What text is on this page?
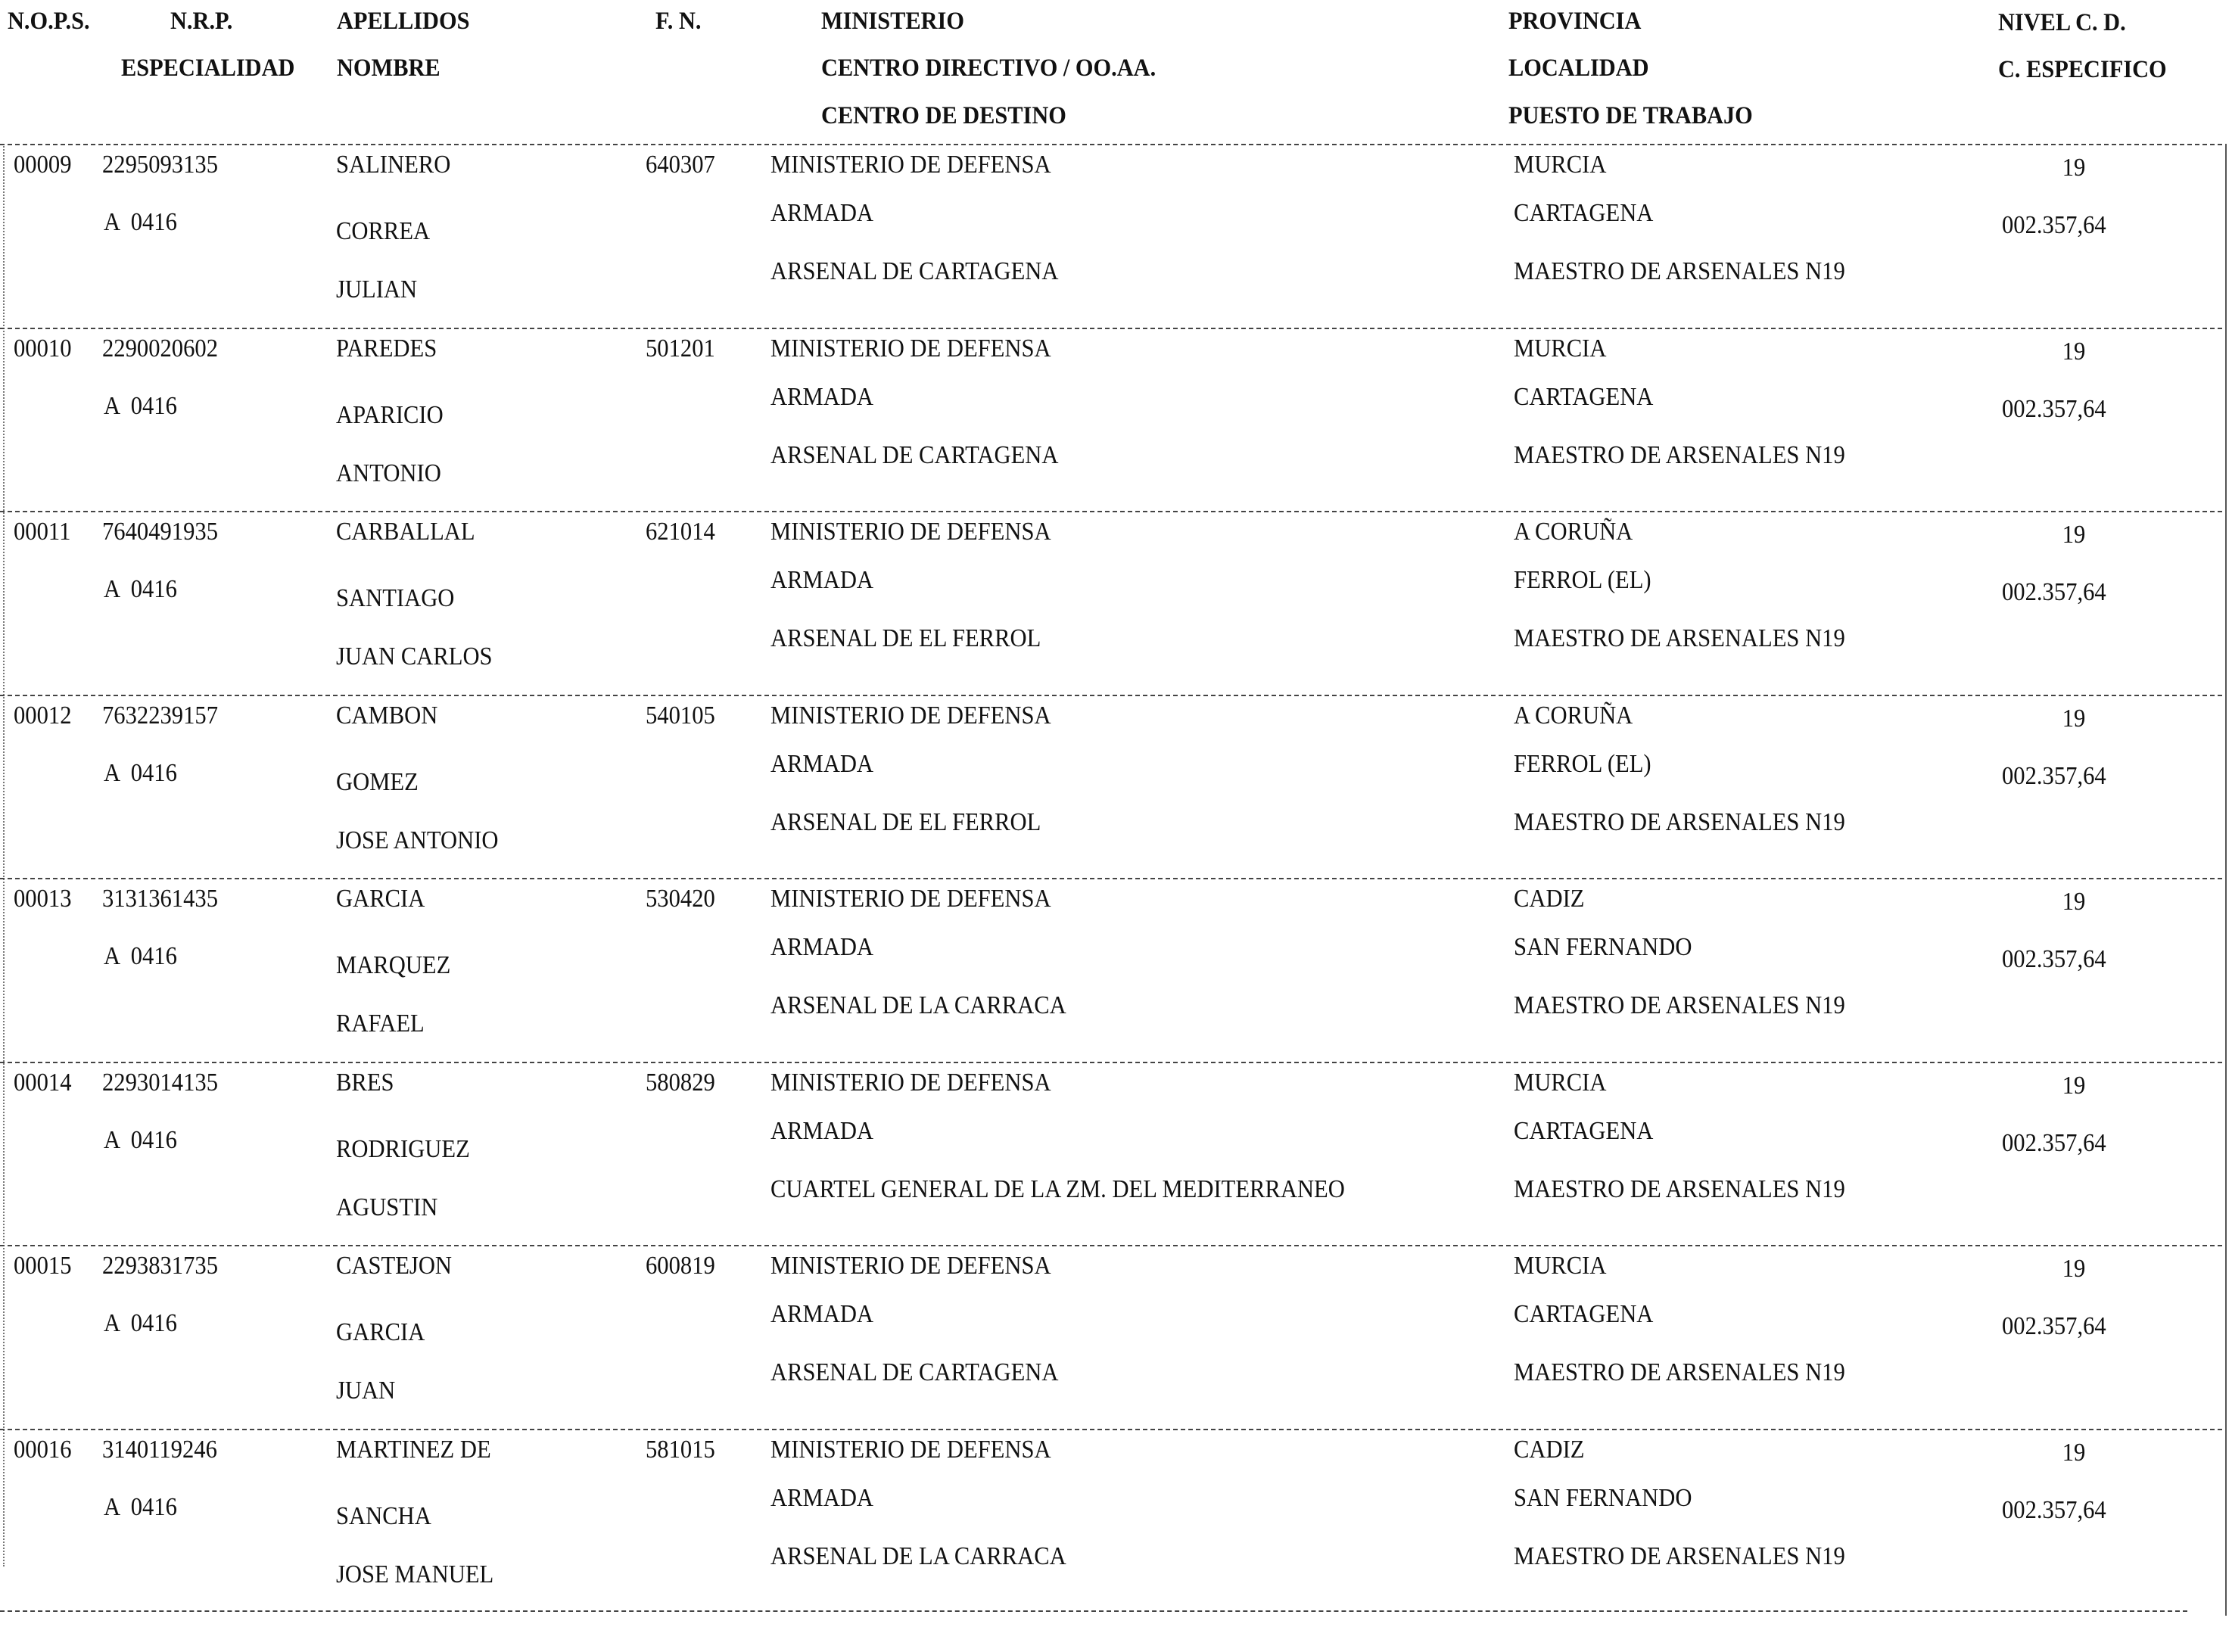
N.O.P.S.	N.R.P.
ESPECIALIDAD
APELLIDOS
NOMBRE
F. N.	MINISTERIO
CENTRO DIRECTIVO / OO.AA.
CENTRO DE DESTINO
PROVINCIA
LOCALIDAD
PUESTO DE TRABAJO
NIVEL C. D.
C. ESPECIFICO
00009 2295093135
A  0416
SALINERO
CORREA
JULIAN
640307 MINISTERIO DE DEFENSA
ARMADA
ARSENAL DE CARTAGENA
MURCIA
CARTAGENA
MAESTRO DE ARSENALES N19
19
002.357,64
00010 2290020602
A  0416
PAREDES
APARICIO
ANTONIO
501201 MINISTERIO DE DEFENSA
ARMADA
ARSENAL DE CARTAGENA
MURCIA
CARTAGENA
MAESTRO DE ARSENALES N19
19
002.357,64
00011 7640491935
A  0416
CARBALLAL
SANTIAGO
JUAN CARLOS
621014 MINISTERIO DE DEFENSA
ARMADA
ARSENAL DE EL FERROL
A CORUÑA
FERROL (EL)
MAESTRO DE ARSENALES N19
19
002.357,64
00012 7632239157
A  0416
CAMBON
GOMEZ
JOSE ANTONIO
540105 MINISTERIO DE DEFENSA
ARMADA
ARSENAL DE EL FERROL
A CORUÑA
FERROL (EL)
MAESTRO DE ARSENALES N19
19
002.357,64
00013 3131361435
A  0416
GARCIA
MARQUEZ
RAFAEL
530420 MINISTERIO DE DEFENSA
ARMADA
ARSENAL DE LA CARRACA
CADIZ
SAN FERNANDO
MAESTRO DE ARSENALES N19
19
002.357,64
00014 2293014135
A  0416
BRES
RODRIGUEZ
AGUSTIN
580829 MINISTERIO DE DEFENSA
ARMADA
CUARTEL GENERAL DE LA ZM. DEL MEDITERRANEO
MURCIA
CARTAGENA
MAESTRO DE ARSENALES N19
19
002.357,64
00015 2293831735
A  0416
CASTEJON
GARCIA
JUAN
600819 MINISTERIO DE DEFENSA
ARMADA
ARSENAL DE CARTAGENA
MURCIA
CARTAGENA
MAESTRO DE ARSENALES N19
19
002.357,64
00016 3140119246
A  0416
MARTINEZ DE
SANCHA
JOSE MANUEL
581015 MINISTERIO DE DEFENSA
ARMADA
ARSENAL DE LA CARRACA
CADIZ
SAN FERNANDO
MAESTRO DE ARSENALES N19
19
002.357,64
